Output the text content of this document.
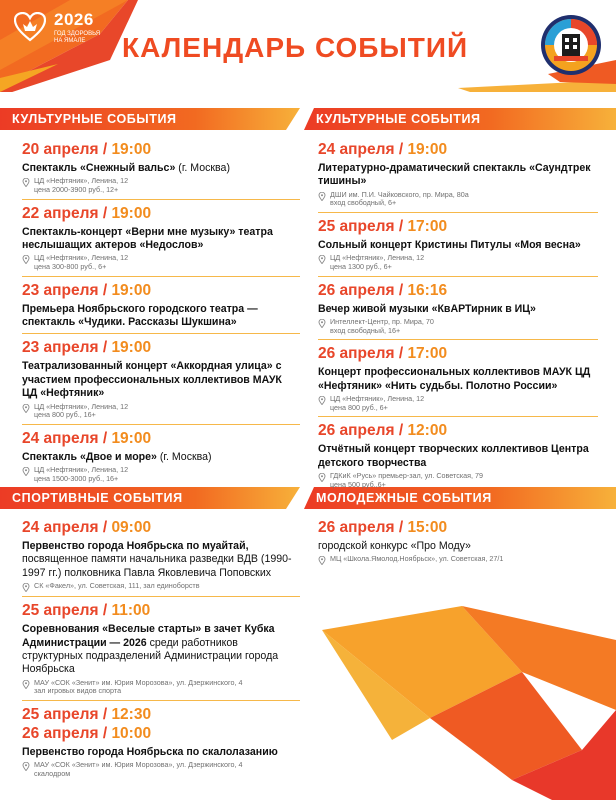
2026
ГОД ЗДОРОВЬЯ
НА ЯМАЛЕ	КАЛЕНДАРЬ СОБЫТИЙ
КУЛЬТУРНЫЕ СОБЫТИЯ	КУЛЬТУРНЫЕ СОБЫТИЯ
СПОРТИВНЫЕ СОБЫТИЯ	МОЛОДЕЖНЫЕ СОБЫТИЯ
20 апреля / 19:00
Спектакль «Снежный вальс» (г. Москва)
ЦД «Нефтяник», Ленина, 12
цена 2000-3900 руб., 12+
22 апреля / 19:00
Спектакль-концерт «Верни мне музыку» театра неслышащих актеров «Недослов»
ЦД «Нефтяник», Ленина, 12
цена 300-800 руб., 6+
23 апреля / 19:00
Премьера Ноябрьского городского театра — спектакль «Чудики. Рассказы Шукшина»
23 апреля / 19:00
Театрализованный концерт «Аккордная улица» с участием профессиональных коллективов МАУК ЦД «Нефтяник»
ЦД «Нефтяник», Ленина, 12
цена 800 руб., 16+
24 апреля / 19:00
Спектакль «Двое и море» (г. Москва)
ЦД «Нефтяник», Ленина, 12
цена 1500-3000 руб., 16+
24 апреля / 19:00
Литературно-драматический спектакль «Саундтрек тишины»
ДШИ им. П.И. Чайковского, пр. Мира, 80а
вход свободный, 6+
25 апреля / 17:00
Сольный концерт Кристины Питулы «Моя весна»
ЦД «Нефтяник», Ленина, 12
цена 1300 руб., 6+
26 апреля / 16:16
Вечер живой музыки «КвАРТирник в ИЦ»
Интеллект-Центр, пр. Мира, 70
вход свободный, 16+
26 апреля / 17:00
Концерт профессиональных коллективов МАУК ЦД «Нефтяник» «Нить судьбы. Полотно России»
ЦД «Нефтяник», Ленина, 12
цена 800 руб., 6+
26 апреля / 12:00
Отчётный концерт творческих коллективов Центра детского творчества
ГДКиК «Русь» премьер-зал, ул. Советская, 79
цена 500 руб.,6+
24 апреля / 09:00
Первенство города Ноябрьска по муайтай, посвященное памяти начальника разведки ВДВ (1990-1997 гг.) полковника Павла Яковлевича Поповских
СК «Факел», ул. Советская, 111, зал единоборств
25 апреля / 11:00
Соревнования «Веселые старты» в зачет Кубка Администрации — 2026 среди работников структурных подразделений Администрации города Ноябрьска
МАУ «СОК «Зенит» им. Юрия Морозова», ул. Дзержинского, 4
зал игровых видов спорта
25 апреля / 12:30
26 апреля / 10:00
Первенство города Ноябрьска по скалолазанию
МАУ «СОК «Зенит» им. Юрия Морозова», ул. Дзержинского, 4
скалодром
26 апреля / 15:00
городской конкурс «Про Моду»
МЦ «Школа.Ямолод.Ноябрьск», ул. Советская, 27/1
